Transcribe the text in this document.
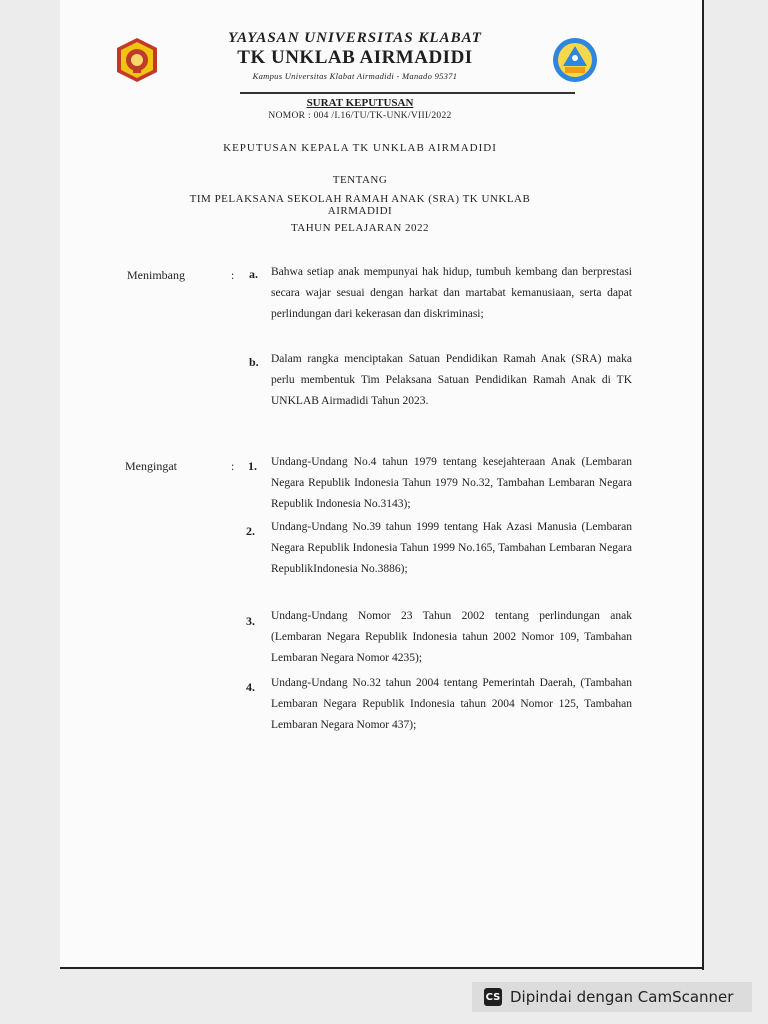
YAYASAN UNIVERSITAS KLABAT
TK UNKLAB AIRMADIDI
Kampus Universitas Klabat Airmadidi - Manado 95371
SURAT KEPUTUSAN
NOMOR : 004 /I.16/TU/TK-UNK/VIII/2022
KEPUTUSAN KEPALA TK UNKLAB AIRMADIDI
TENTANG
TIM PELAKSANA SEKOLAH RAMAH ANAK (SRA) TK UNKLAB
AIRMADIDI
TAHUN PELAJARAN 2022
Menimbang	: a. Bahwa setiap anak mempunyai hak hidup, tumbuh kembang dan berprestasi secara wajar sesuai dengan harkat dan martabat kemanusiaan, serta dapat perlindungan dari kekerasan dan diskriminasi;
b. Dalam rangka menciptakan Satuan Pendidikan Ramah Anak (SRA) maka perlu membentuk Tim Pelaksana Satuan Pendidikan Ramah Anak di TK UNKLAB Airmadidi Tahun 2023.
Mengingat	: 1. Undang-Undang No.4 tahun 1979 tentang kesejahteraan Anak (Lembaran Negara Republik Indonesia Tahun 1979 No.32, Tambahan Lembaran Negara Republik Indonesia No.3143);
2. Undang-Undang No.39 tahun 1999 tentang Hak Azasi Manusia (Lembaran Negara Republik Indonesia Tahun 1999 No.165, Tambahan Lembaran Negara RepublikIndonesia No.3886);
3. Undang-Undang Nomor 23 Tahun 2002 tentang perlindungan anak (Lembaran Negara Republik Indonesia tahun 2002 Nomor 109, Tambahan Lembaran Negara Nomor 4235);
4. Undang-Undang No.32 tahun 2004 tentang Pemerintah Daerah, (Tambahan Lembaran Negara Republik Indonesia tahun 2004 Nomor 125, Tambahan Lembaran Negara Nomor 437);
CS Dipindai dengan CamScanner
